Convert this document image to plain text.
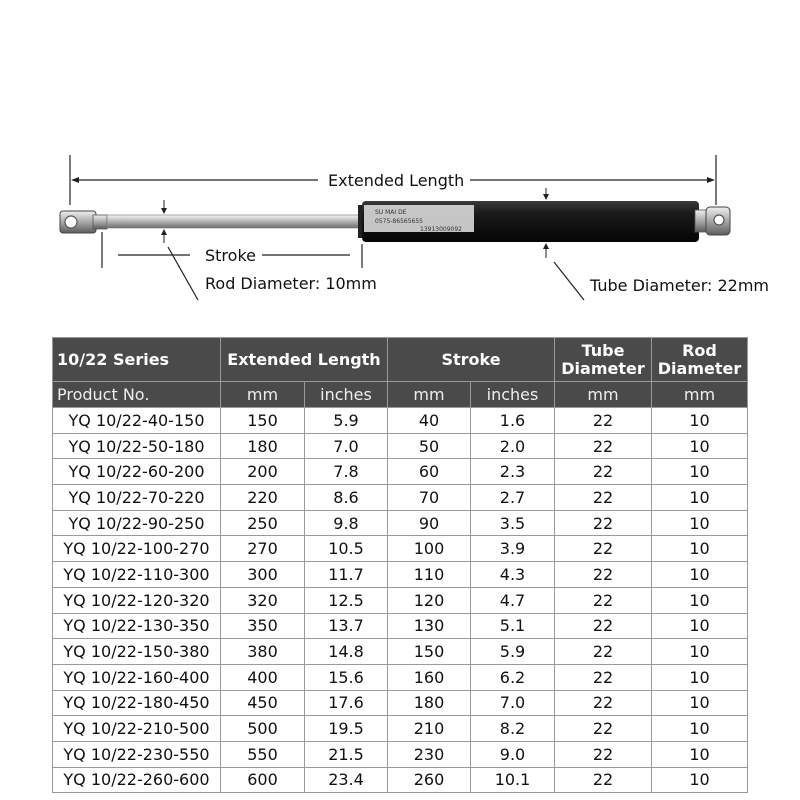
SU MAI DE
0575-86565655
13913009092
Extended Length
Stroke
Rod Diameter: 10mm	Tube Diameter: 22mm
10/22 Series	Extended Length		Stroke		Tube Diameter	Rod Diameter
Product No.	mm	inches	mm	inches	mm	mm
YQ 10/22-40-150	150	5.9	40	1.6	22	10
YQ 10/22-50-180	180	7.0	50	2.0	22	10
YQ 10/22-60-200	200	7.8	60	2.3	22	10
YQ 10/22-70-220	220	8.6	70	2.7	22	10
YQ 10/22-90-250	250	9.8	90	3.5	22	10
YQ 10/22-100-270	270	10.5	100	3.9	22	10
YQ 10/22-110-300	300	11.7	110	4.3	22	10
YQ 10/22-120-320	320	12.5	120	4.7	22	10
YQ 10/22-130-350	350	13.7	130	5.1	22	10
YQ 10/22-150-380	380	14.8	150	5.9	22	10
YQ 10/22-160-400	400	15.6	160	6.2	22	10
YQ 10/22-180-450	450	17.6	180	7.0	22	10
YQ 10/22-210-500	500	19.5	210	8.2	22	10
YQ 10/22-230-550	550	21.5	230	9.0	22	10
YQ 10/22-260-600	600	23.4	260	10.1	22	10
